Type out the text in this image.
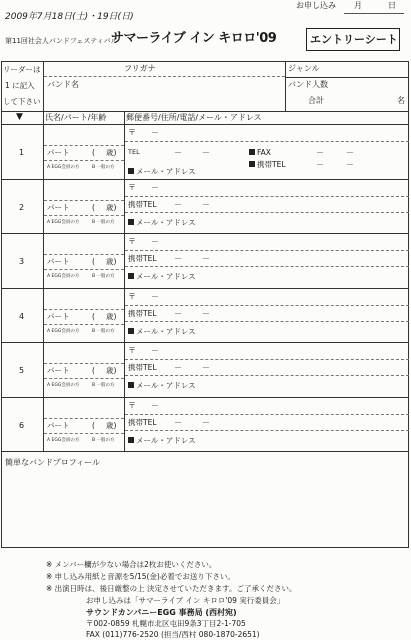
お申し込み 月	日
2009年7月18日(土)・19日(日)
第11回社会人バンドフェスティバル
サマーライブ イン キロロ'09	エントリーシート
リーダーは
1 に記入
して下さい
フリガナ
バンド名
ジャンル
バンド人数
合計	名
▼	氏名/パート/年齢 郵便番号/住所/電話/メール・アドレス
1	パート	( 歳)
A EGG会員の方	B 一般の方
〒 －
TEL	－	－	FAX	－	－
携帯TEL	－	－
メール・アドレス
2	パート	( 歳)
A EGG会員の方	B 一般の方
〒 －
携帯TEL －	－
メール・アドレス
3	パート	( 歳)
A EGG会員の方	B 一般の方
〒 －
携帯TEL －	－
メール・アドレス
4	パート	( 歳)
A EGG会員の方	B 一般の方
〒 －
携帯TEL －	－
メール・アドレス
5	パート	( 歳)
A EGG会員の方	B 一般の方
〒 －
携帯TEL －	－
メール・アドレス
6	パート	( 歳)
A EGG会員の方	B 一般の方
〒 －
携帯TEL －	－
メール・アドレス
簡単なバンドプロフィール
※ メンバー欄が少ない場合は2枚お使いください。
※ 申し込み用紙と音源を5/15(金)必着でお送り下さい。
※ 出演日時は、後日厳整の上 決定させていただきます。ご了承ください。
お申し込みは「サマーライブ イン キロロ'09 実行委員会」
サウンドカンパニーEGG 事務局 (西村宛)
〒002-0859 札幌市北区屯田9条3丁目2-1-705
FAX (011)776-2520 (担当/西村 080-1870-2651)
